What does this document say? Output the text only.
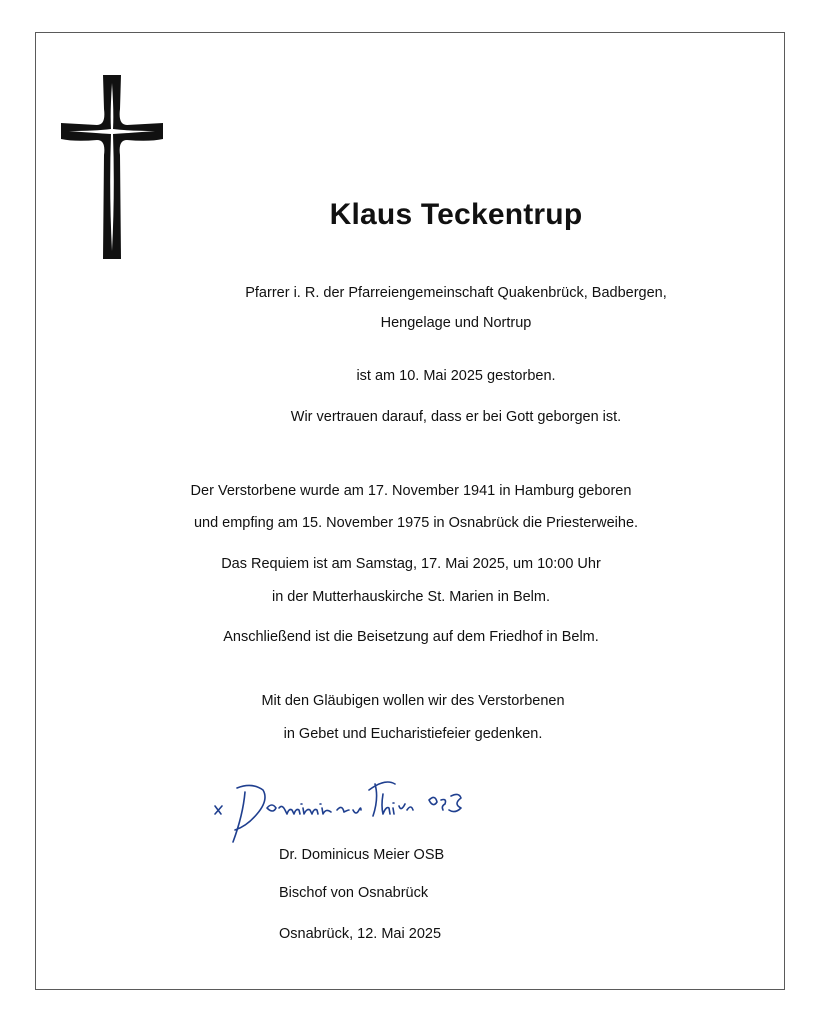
Klaus Teckentrup
Pfarrer i. R. der Pfarreiengemeinschaft Quakenbrück, Badbergen,
Hengelage und Nortrup
ist am 10. Mai 2025 gestorben.
Wir vertrauen darauf, dass er bei Gott geborgen ist.
Der Verstorbene wurde am 17. November 1941 in Hamburg geboren
und empfing am 15. November 1975 in Osnabrück die Priesterweihe.
Das Requiem ist am Samstag, 17. Mai 2025, um 10:00 Uhr
in der Mutterhauskirche St. Marien in Belm.
Anschließend ist die Beisetzung auf dem Friedhof in Belm.
Mit den Gläubigen wollen wir des Verstorbenen
in Gebet und Eucharistiefeier gedenken.
Dr. Dominicus Meier OSB
Bischof von Osnabrück
Osnabrück, 12. Mai 2025
